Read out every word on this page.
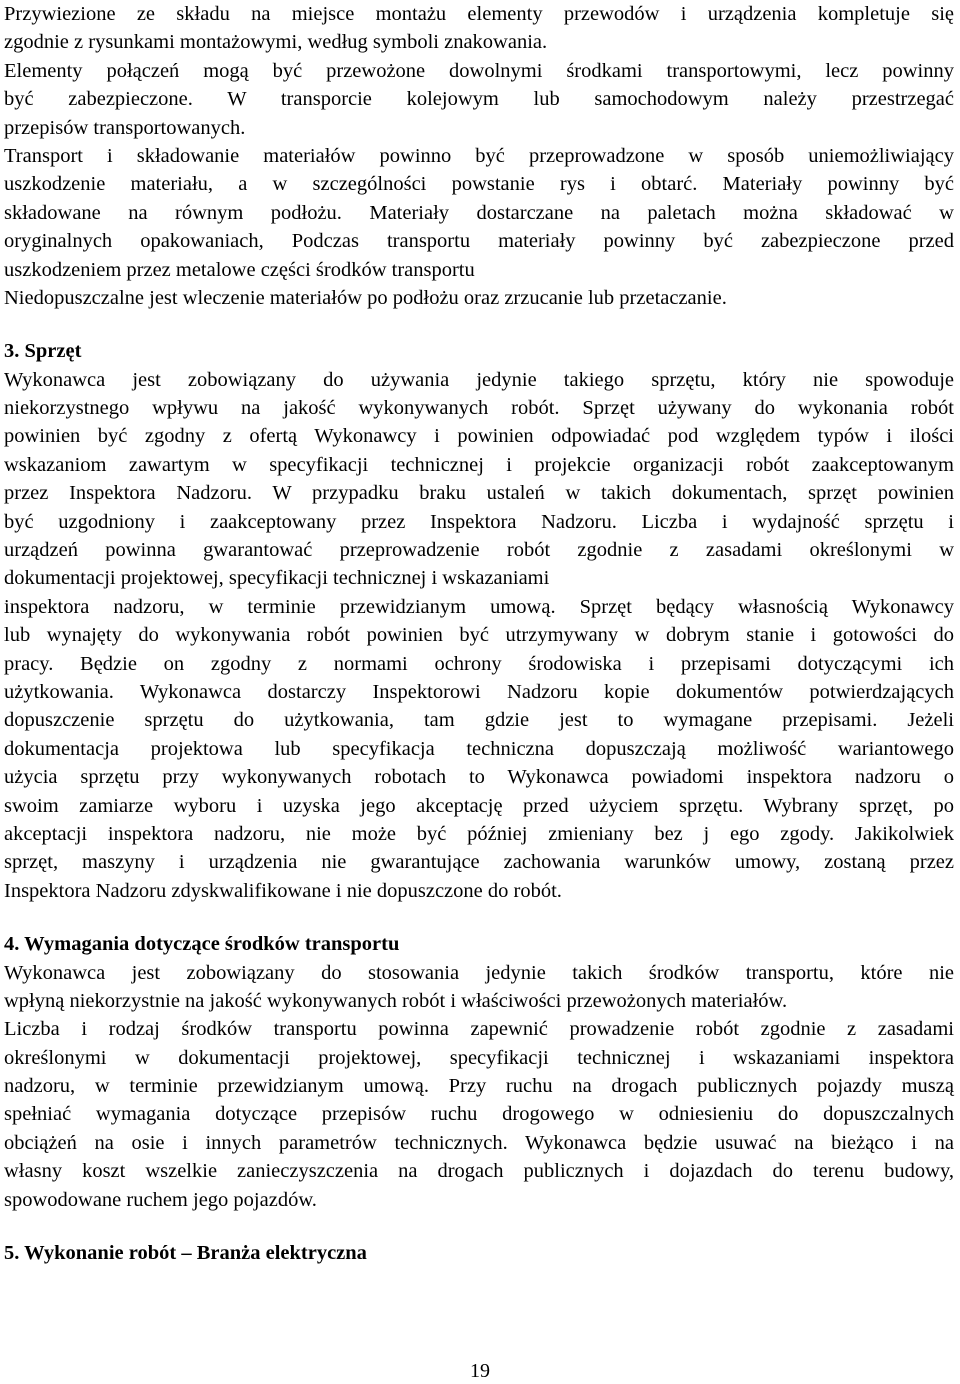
Przywiezione ze składu na miejsce montażu elementy przewodów i urządzenia kompletuje się
zgodnie z rysunkami montażowymi, według symboli znakowania.
Elementy połączeń mogą być przewożone dowolnymi środkami transportowymi, lecz powinny
być zabezpieczone. W transporcie kolejowym lub samochodowym należy przestrzegać
przepisów transportowanych.
Transport i składowanie materiałów powinno być przeprowadzone w sposób uniemożliwiający
uszkodzenie materiału, a w szczególności powstanie rys i obtarć. Materiały powinny być
składowane na równym podłożu. Materiały dostarczane na paletach można składować w
oryginalnych opakowaniach, Podczas transportu materiały powinny być zabezpieczone przed
uszkodzeniem przez metalowe części środków transportu
Niedopuszczalne jest wleczenie materiałów po podłożu oraz zrzucanie lub przetaczanie.
3. Sprzęt
Wykonawca jest zobowiązany do używania jedynie takiego sprzętu, który nie spowoduje
niekorzystnego wpływu na jakość wykonywanych robót. Sprzęt używany do wykonania robót
powinien być zgodny z ofertą Wykonawcy i powinien odpowiadać pod względem typów i ilości
wskazaniom zawartym w specyfikacji technicznej i projekcie organizacji robót zaakceptowanym
przez Inspektora Nadzoru. W przypadku braku ustaleń w takich dokumentach, sprzęt powinien
być uzgodniony i zaakceptowany przez Inspektora Nadzoru. Liczba i wydajność sprzętu i
urządzeń powinna gwarantować przeprowadzenie robót zgodnie z zasadami określonymi w
dokumentacji projektowej, specyfikacji technicznej i wskazaniami
inspektora nadzoru, w terminie przewidzianym umową. Sprzęt będący własnością Wykonawcy
lub wynajęty do wykonywania robót powinien być utrzymywany w dobrym stanie i gotowości do
pracy. Będzie on zgodny z normami ochrony środowiska i przepisami dotyczącymi ich
użytkowania. Wykonawca dostarczy Inspektorowi Nadzoru kopie dokumentów potwierdzających
dopuszczenie sprzętu do użytkowania, tam gdzie jest to wymagane przepisami. Jeżeli
dokumentacja projektowa lub specyfikacja techniczna dopuszczają możliwość wariantowego
użycia sprzętu przy wykonywanych robotach to Wykonawca powiadomi inspektora nadzoru o
swoim zamiarze wyboru i uzyska jego akceptację przed użyciem sprzętu. Wybrany sprzęt, po
akceptacji inspektora nadzoru, nie może być później zmieniany bez j ego zgody. Jakikolwiek
sprzęt, maszyny i urządzenia nie gwarantujące zachowania warunków umowy, zostaną przez
Inspektora Nadzoru zdyskwalifikowane i nie dopuszczone do robót.
4. Wymagania dotyczące środków transportu
Wykonawca jest zobowiązany do stosowania jedynie takich środków transportu, które nie
wpłyną niekorzystnie na jakość wykonywanych robót i właściwości przewożonych materiałów.
Liczba i rodzaj środków transportu powinna zapewnić prowadzenie robót zgodnie z zasadami
określonymi w dokumentacji projektowej, specyfikacji technicznej i wskazaniami inspektora
nadzoru, w terminie przewidzianym umową. Przy ruchu na drogach publicznych pojazdy muszą
spełniać wymagania dotyczące przepisów ruchu drogowego w odniesieniu do dopuszczalnych
obciążeń na osie i innych parametrów technicznych. Wykonawca będzie usuwać na bieżąco i na
własny koszt wszelkie zanieczyszczenia na drogach publicznych i dojazdach do terenu budowy,
spowodowane ruchem jego pojazdów.
5. Wykonanie robót – Branża elektryczna
19
